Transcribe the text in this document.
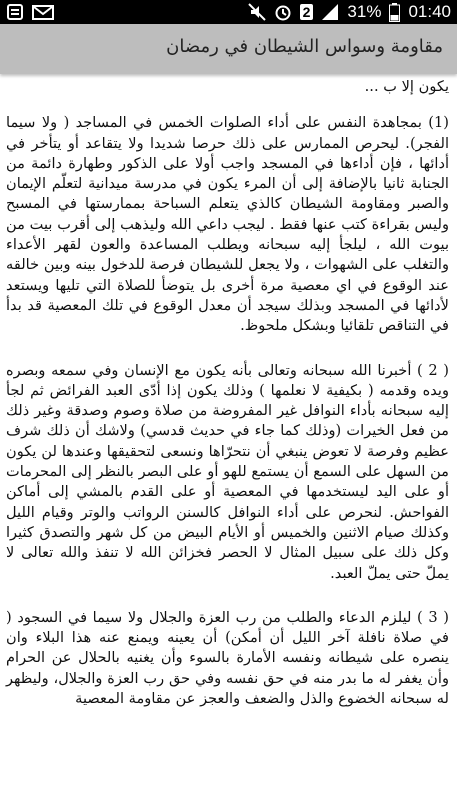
2 31% 01:40
مقاومة وسواس الشيطان في رمضان

يكون إلا ب ...

(1) بمجاهدة النفس على أداء الصلوات الخمس في المساجد ( ولا سيما الفجر). ليحرص الممارس على ذلك حرصا شديدا ولا يتقاعد أو يتأخر في أدائها ، فإن أداءها في المسجد واجب أولا على الذكور وطهارة دائمة من الجنابة ثانيا بالإضافة إلى أن المرء يكون في مدرسة ميدانية لتعلّم الإيمان والصبر ومقاومة الشيطان كالذي يتعلم السباحة بممارستها في المسبح وليس بقراءة كتب عنها فقط . ليجب داعي الله وليذهب إلى أقرب بيت من بيوت الله ، ليلجأ إليه سبحانه ويطلب المساعدة والعون لقهر الأعداء والتغلب على الشهوات ، ولا يجعل للشيطان فرصة للدخول بينه وبين خالقه عند الوقوع في اي معصية مرة أخرى بل يتوضأ للصلاة التي تليها ويستعد لأدائها في المسجد وبذلك سيجد أن معدل الوقوع في تلك المعصية قد بدأ في التناقص تلقائيا وبشكل ملحوظ.

( 2 ) أخبرنا الله سبحانه وتعالى بأنه يكون مع الإنسان وفي سمعه وبصره ويده وقدمه ( بكيفية لا نعلمها ) وذلك يكون إذا أدّى العبد الفرائض ثم لجأ إليه سبحانه بأداء النوافل غير المفروضة من صلاة وصوم وصدقة وغير ذلك من فعل الخيرات (وذلك كما جاء في حديث قدسي) ولاشك أن ذلك شرف عظيم وفرصة لا تعوض ينبغي أن نتحرّاها ونسعى لتحقيقها وعندها لن يكون من السهل على السمع أن يستمع للهو أو على البصر بالنظر إلى المحرمات أو على اليد ليستخدمها في المعصية أو على القدم بالمشي إلى أماكن الفواحش. لنحرص على أداء النوافل كالسنن الرواتب والوتر وقيام الليل وكذلك صيام الاثنين والخميس أو الأيام البيض من كل شهر والتصدق كثيرا وكل ذلك على سبيل المثال لا الحصر فخزائن الله لا تنفذ والله تعالى لا يملّ حتى يملّ العبد.

( 3 ) ليلزم الدعاء والطلب من رب العزة والجلال ولا سيما في السجود ( في صلاة نافلة آخر الليل أن أمكن) أن يعينه ويمنع عنه هذا البلاء وان ينصره على شيطانه ونفسه الأمارة بالسوء وأن يغنيه بالحلال عن الحرام وأن يغفر له ما بدر منه في حق نفسه وفي حق رب العزة والجلال، وليظهر له سبحانه الخضوع والذل والضعف والعجز عن مقاومة المعصية
